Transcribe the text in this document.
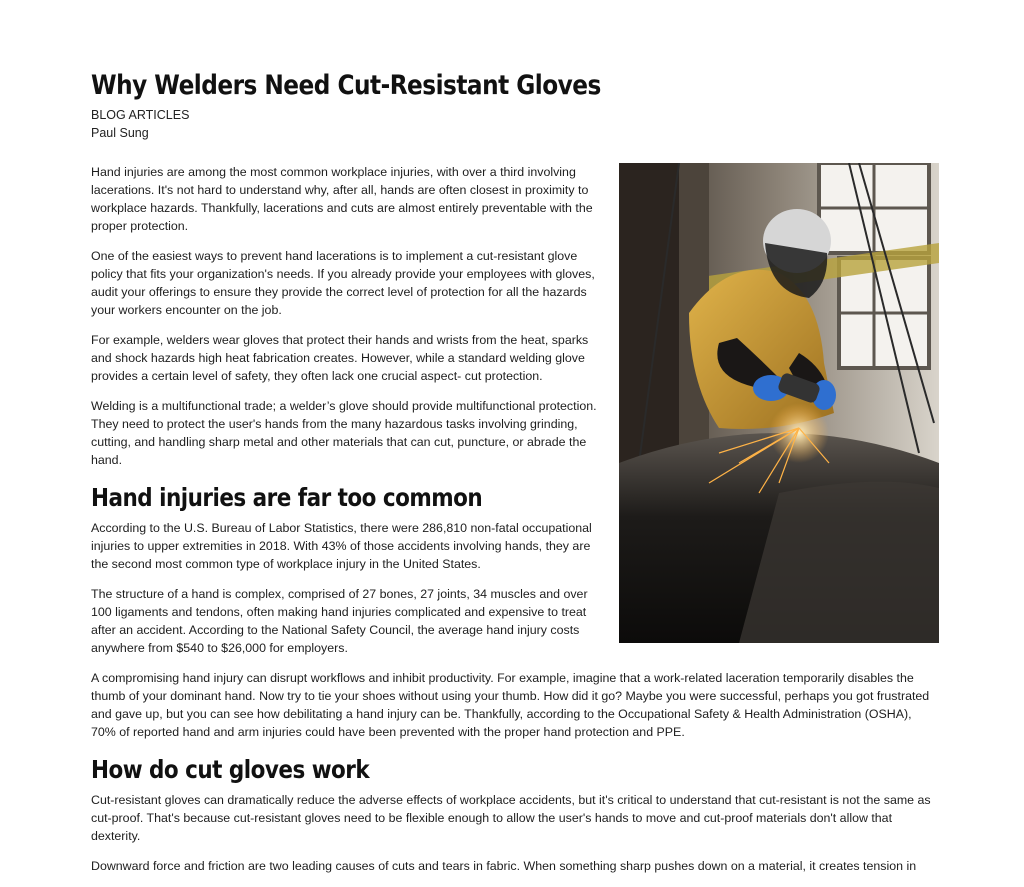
Why Welders Need Cut-Resistant Gloves
BLOG ARTICLES
Paul Sung

Hand injuries are among the most common workplace injuries, with over a third involving lacerations. It's not hard to understand why, after all, hands are often closest in proximity to workplace hazards. Thankfully, lacerations and cuts are almost entirely preventable with the proper protection.

One of the easiest ways to prevent hand lacerations is to implement a cut-resistant glove policy that fits your organization's needs. If you already provide your employees with gloves, audit your offerings to ensure they provide the correct level of protection for all the hazards your workers encounter on the job.

For example, welders wear gloves that protect their hands and wrists from the heat, sparks and shock hazards high heat fabrication creates. However, while a standard welding glove provides a certain level of safety, they often lack one crucial aspect- cut protection.

Welding is a multifunctional trade; a welder’s glove should provide multifunctional protection. They need to protect the user's hands from the many hazardous tasks involving grinding, cutting, and handling sharp metal and other materials that can cut, puncture, or abrade the hand.

Hand injuries are far too common

According to the U.S. Bureau of Labor Statistics, there were 286,810 non-fatal occupational injuries to upper extremities in 2018. With 43% of those accidents involving hands, they are the second most common type of workplace injury in the United States.

The structure of a hand is complex, comprised of 27 bones, 27 joints, 34 muscles and over 100 ligaments and tendons, often making hand injuries complicated and expensive to treat after an accident. According to the National Safety Council, the average hand injury costs anywhere from $540 to $26,000 for employers.

A compromising hand injury can disrupt workflows and inhibit productivity. For example, imagine that a work-related laceration temporarily disables the thumb of your dominant hand. Now try to tie your shoes without using your thumb. How did it go? Maybe you were successful, perhaps you got frustrated and gave up, but you can see how debilitating a hand injury can be. Thankfully, according to the Occupational Safety & Health Administration (OSHA), 70% of reported hand and arm injuries could have been prevented with the proper hand protection and PPE.

How do cut gloves work

Cut-resistant gloves can dramatically reduce the adverse effects of workplace accidents, but it's critical to understand that cut-resistant is not the same as cut-proof. That's because cut-resistant gloves need to be flexible enough to allow the user's hands to move and cut-proof materials don't allow that dexterity.

Downward force and friction are two leading causes of cuts and tears in fabric. When something sharp pushes down on a material, it creates tension in
